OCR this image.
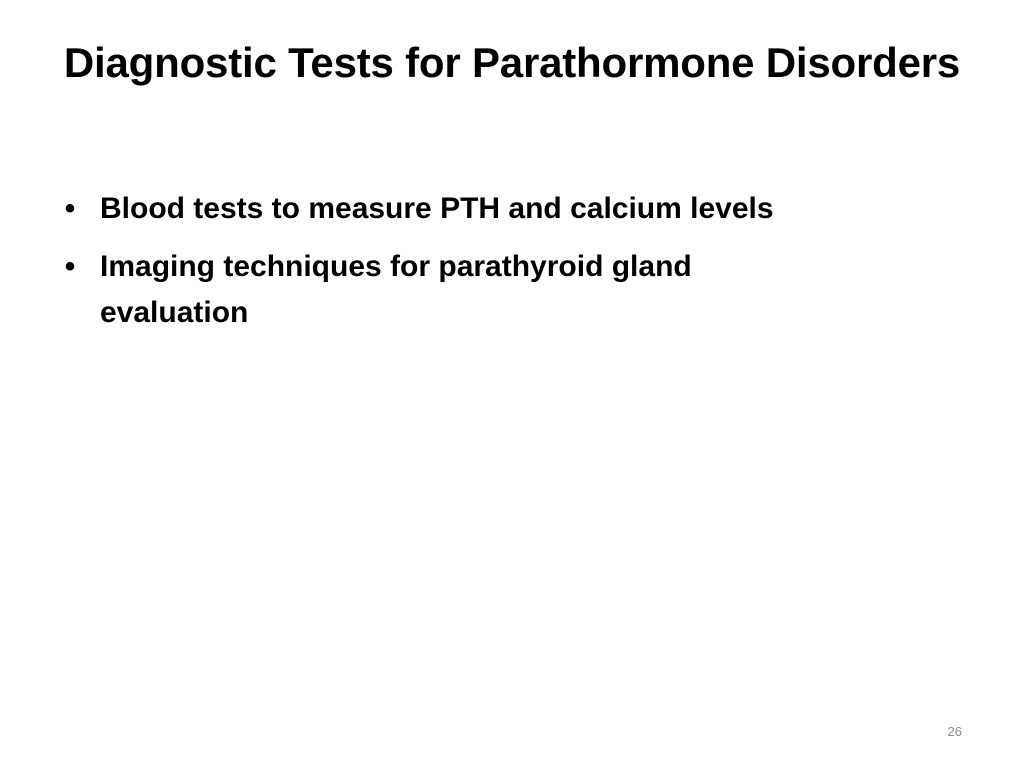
Diagnostic Tests for Parathormone Disorders
• Blood tests to measure PTH and calcium levels
• Imaging techniques for parathyroid gland evaluation
26
